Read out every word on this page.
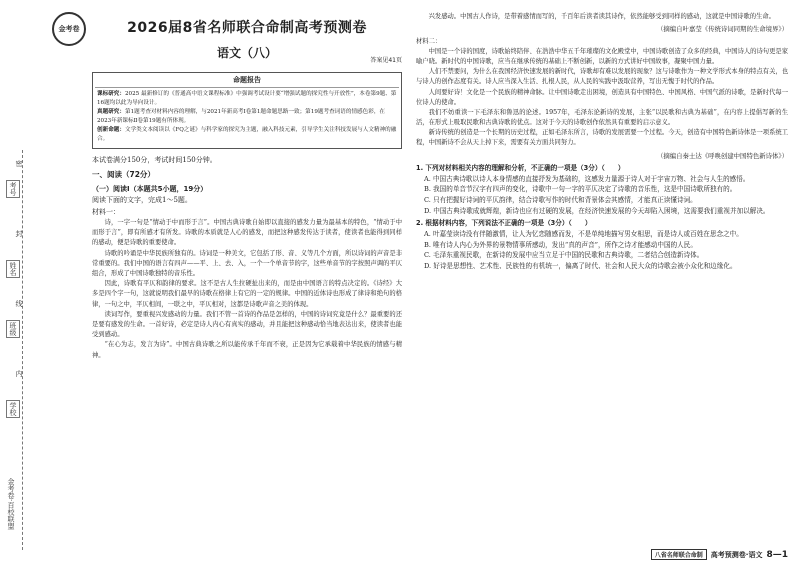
金考卷·百校联盟
学校
班级
姓名
考号
密
封
线
内
金考卷	2026届8省名师联合命制高考预测卷
语文（八）
答案见41页
命题报告
课标研究：2025 最新修订的《普通高中语文课程标准》中强调考试设计要“增强试题的探究性与开放性”，本卷第9题、第16题均以此为导向设计。
真题研究：第1题考查对材料内容的理解，与2021年新高考Ⅰ卷第1题命题思路一致；第19题考查词语的情感色彩，在2023年新课标Ⅱ卷第19题有所体现。
创新命题：文学类文本阅读以《FQ之谜》与科学家的探究为主题，融入科技元素，引导学生关注科技发展与人文精神的融合。
本试卷满分150分，考试时间150分钟。
一、阅读（72分）
（一）阅读Ⅰ（本题共5小题，19分）
阅读下面的文字，完成1～5题。
材料一：
诗，一字一句是“情动于中而形于言”。中国古典诗歌自始即以直接的感发力量为最基本的特色，“情动于中而形于言”，即有所感才有所发。诗歌的本质就是人心的感发，而把这种感发传达于读者，使读者也能得到同样的感动，便是诗歌的重要使命。
诗歌的吟诵是中华民族所独有的。诗词是一种美文，它包括了形、音、义等几个方面，所以诗词的声音是非常重要的。我们中国的语言有四声——平、上、去、入，一个一个单音节的字，这些单音节的字按照声调的平仄组合，形成了中国诗歌独特的音乐性。
因此，诗歌有平仄和韵律的要求。这不是古人生拉硬扯出来的，而是由中国语言的特点决定的。《诗经》大多是四个字一句，这就说明我们最早的诗歌在格律上有它的一定的规律。中国的近体诗也形成了律诗和绝句的格律，一句之中，平仄相间，一联之中，平仄相对，这都是诗歌声音之美的体现。
读词写作，要重视兴发感动的力量。我们不管一首诗的作品是怎样的，中国的诗词究竟是什么？最重要的还是要有感发的生命。一首好诗，必定是诗人内心有真实的感动，并且能把这种感动恰当地表达出来，使读者也能受到感动。
“在心为志，发言为诗”。中国古典诗歌之所以能传承千年而不衰，正是因为它承载着中华民族的情感与精神。
兴发感动。中国古人作诗，是带着感情而写的，千百年后读者读其诗作，依然能够受到同样的感动，这就是中国诗歌的生命。
（摘编自叶嘉莹《传统诗词同期的生命境界》）
材料二：
中国是一个诗的国度，诗歌始终陪伴、在浩浩中华五千年璀璨的文化殿堂中，中国诗歌创造了众多的经典，中国诗人的诗句更是家喻户晓。新时代的中国诗歌，应当在继承传统的基础上不断创新，以新的方式讲好中国故事，凝聚中国力量。
人们不禁要问，为什么在我国经济快速发展的新时代，诗歌却有难以发展的现象？这与诗歌作为一种文学形式本身的特点有关，也与诗人的创作态度有关。诗人应当深入生活、扎根人民，从人民的实践中汲取营养，写出无愧于时代的作品。
人间要好诗！文化是一个民族的精神命脉。让中国诗歌走出困境，创造具有中国特色、中国风格、中国气派的诗歌，是新时代每一位诗人的使命。
我们不妨重读一下毛泽东和鲁迅的论述。1957年，毛泽东论新诗的发展，主张“以民歌和古典为基础”，在内容上提倡写新的生活，在形式上吸取民歌和古典诗歌的优点。这对于今天的诗歌创作依然具有重要的启示意义。
新诗传统的创造是一个长期的历史过程，正如毛泽东所言，诗歌的发展需要一个过程。今天，创造有中国特色新诗体是一项系统工程，中国新诗不会从天上掉下来，需要有关方面共同努力。
（摘编自秦士达《呼唤创建中国特色新诗体》）
1. 下列对材料相关内容的理解和分析，不正确的一项是（3分）（　　）
A. 中国古典诗歌以诗人本身情感的直接抒发为基础的，这感发力量源于诗人对于宇宙万物、社会与人生的感悟。
B. 我国的单音节汉字有四声的变化，诗歌中一句一字的平仄决定了诗歌的音乐性，这是中国诗歌所独有的。
C. 只有把握好诗词的平仄韵律，结合诗歌写作的时代和背景体会其感情，才能真正读懂诗词。
D. 中国古典诗歌成就辉煌，新诗也应有过硬的发展，在经济快速发展的今天却陷入困境，这需要我们重视并加以解决。
2. 根据材料内容，下列说法不正确的一项是（3分）（　　）
A. 叶嘉莹读诗没有伴随激情，让人为忆恋随感而发，不是单纯地描写男女相思，而是诗人或百姓在思念之中。
B. 唯有诗人内心为外界的景物情事所感动，发出“真的声音”，所作之诗才能感动中国的人民。
C. 毛泽东重视民歌，在新诗的发展中应当立足于中国的民歌和古典诗歌，二者结合创造新诗体。
D. 好诗是思想性、艺术性、民族性的有机统一，偏离了时代、社会和人民大众的诗歌会被小众化和边缘化。
八省名师联合命制	高考预测卷·语文 8—1
